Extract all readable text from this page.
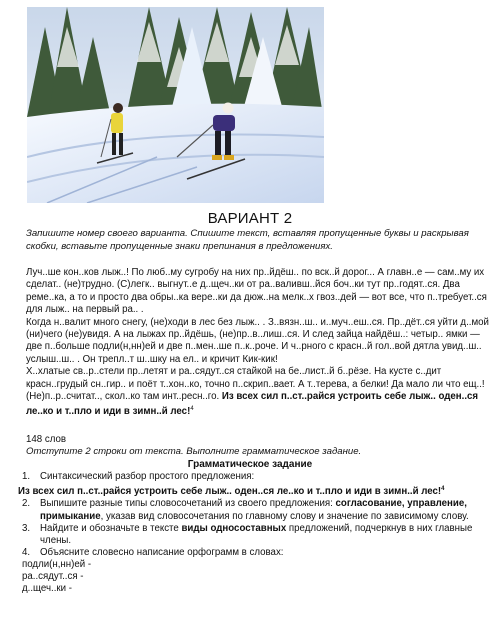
ВАРИАНТ 2
Запишите номер своего варианта. Спишите текст, вставляя пропущенные буквы и раскрывая скобки, вставьте пропущенные знаки препинания в предложениях.

Луч..ше кон..ков лыж..! По люб..му сугробу на них пр..йдёш.. по вск..й дорог... А главн..е — сам..му их сделат.. (не)трудно. (С)легк.. выгнут..е д..щеч..ки от ра..валивш..йся боч..ки тут пр..годят..ся. Два реме..ка, а то и просто два обры..ка вере..ки да дюж..на мелк..х гвоз..дей — вот все, что п..требует..ся для лыж.. на первый ра.. .

Когда н..валит много снегу, (не)ходи в лес без лыж.. . З..вязн..ш.. и..муч..еш..ся. Пр..дёт..ся уйти д..мой (ни)чего (не)увидя. А на лыжах пр..йдёшь, (не)пр..в..лиш..ся. И след зайца найдёш..: четыр.. ямки — две п..больше подли(н,нн)ей и две п..мен..ше п..к..роче. И ч..рного с красн..й гол..вой дятла увид..ш.. услыш..ш.. . Он трепл..т ш..шку на ел.. и кричит Кик-кик!

Х..хлатые св..р..стели пр..летят и ра..сядут..ся стайкой на бе..лист..й б..рёзе. На кусте с..дит красн..грудый сн..гир.. и поёт т..хон..ко, точно п..скрип..вает. А т..терева, а белки! Да мало ли что ещ..! (Не)п..р..считат.., скол..ко там инт..ресн..го. Из всех сил п..ст..райся устроить себе лыж.. оден..ся ле..ко и т..пло и иди в зимн..й лес!$^4$

148 слов
Отступите 2 строки от текста. Выполните грамматическое задание.
Грамматическое задание
1.	Синтаксический разбор простого предложения:
Из всех сил п..ст..райся устроить себе лыж.. оден..ся ле..ко и т..пло и иди в зимн..й лес!$^4$
2.	Выпишите разные типы словосочетаний из своего предложения: согласование, управление, примыкание, указав вид словосочетания по главному слову и значение по зависимому слову.
3.	Найдите и обозначьте в тексте виды односоставных предложений, подчеркнув в них главные члены.
4.	Объясните словесно написание орфограмм в словах:
подли(н,нн)ей -
ра..сядут..ся -
д..щеч..ки -
